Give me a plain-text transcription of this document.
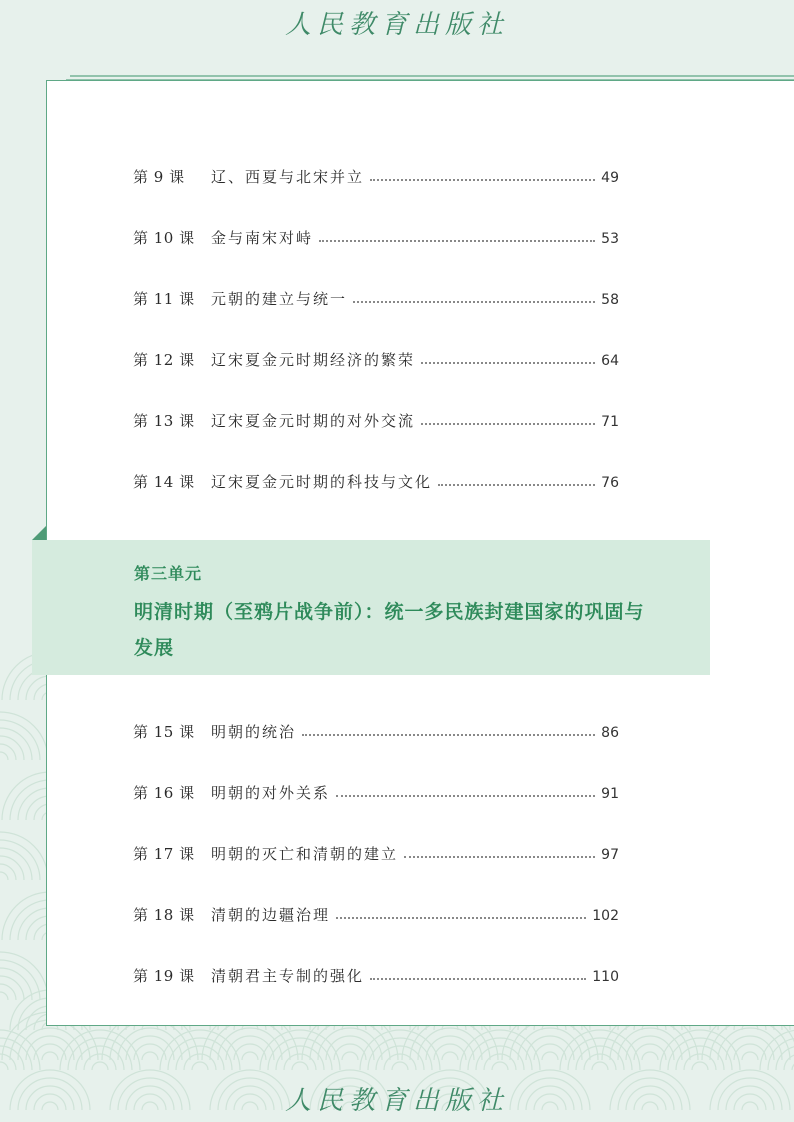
人民教育出版社
第 9 课	辽、西夏与北宋并立	49
第 10 课	金与南宋对峙	53
第 11 课	元朝的建立与统一	58
第 12 课	辽宋夏金元时期经济的繁荣	64
第 13 课	辽宋夏金元时期的对外交流	71
第 14 课	辽宋夏金元时期的科技与文化	76
第三单元
明清时期（至鸦片战争前）：统一多民族封建国家的巩固与发展
第 15 课	明朝的统治	86
第 16 课	明朝的对外关系	91
第 17 课	明朝的灭亡和清朝的建立	97
第 18 课	清朝的边疆治理	102
第 19 课	清朝君主专制的强化	110
人民教育出版社
